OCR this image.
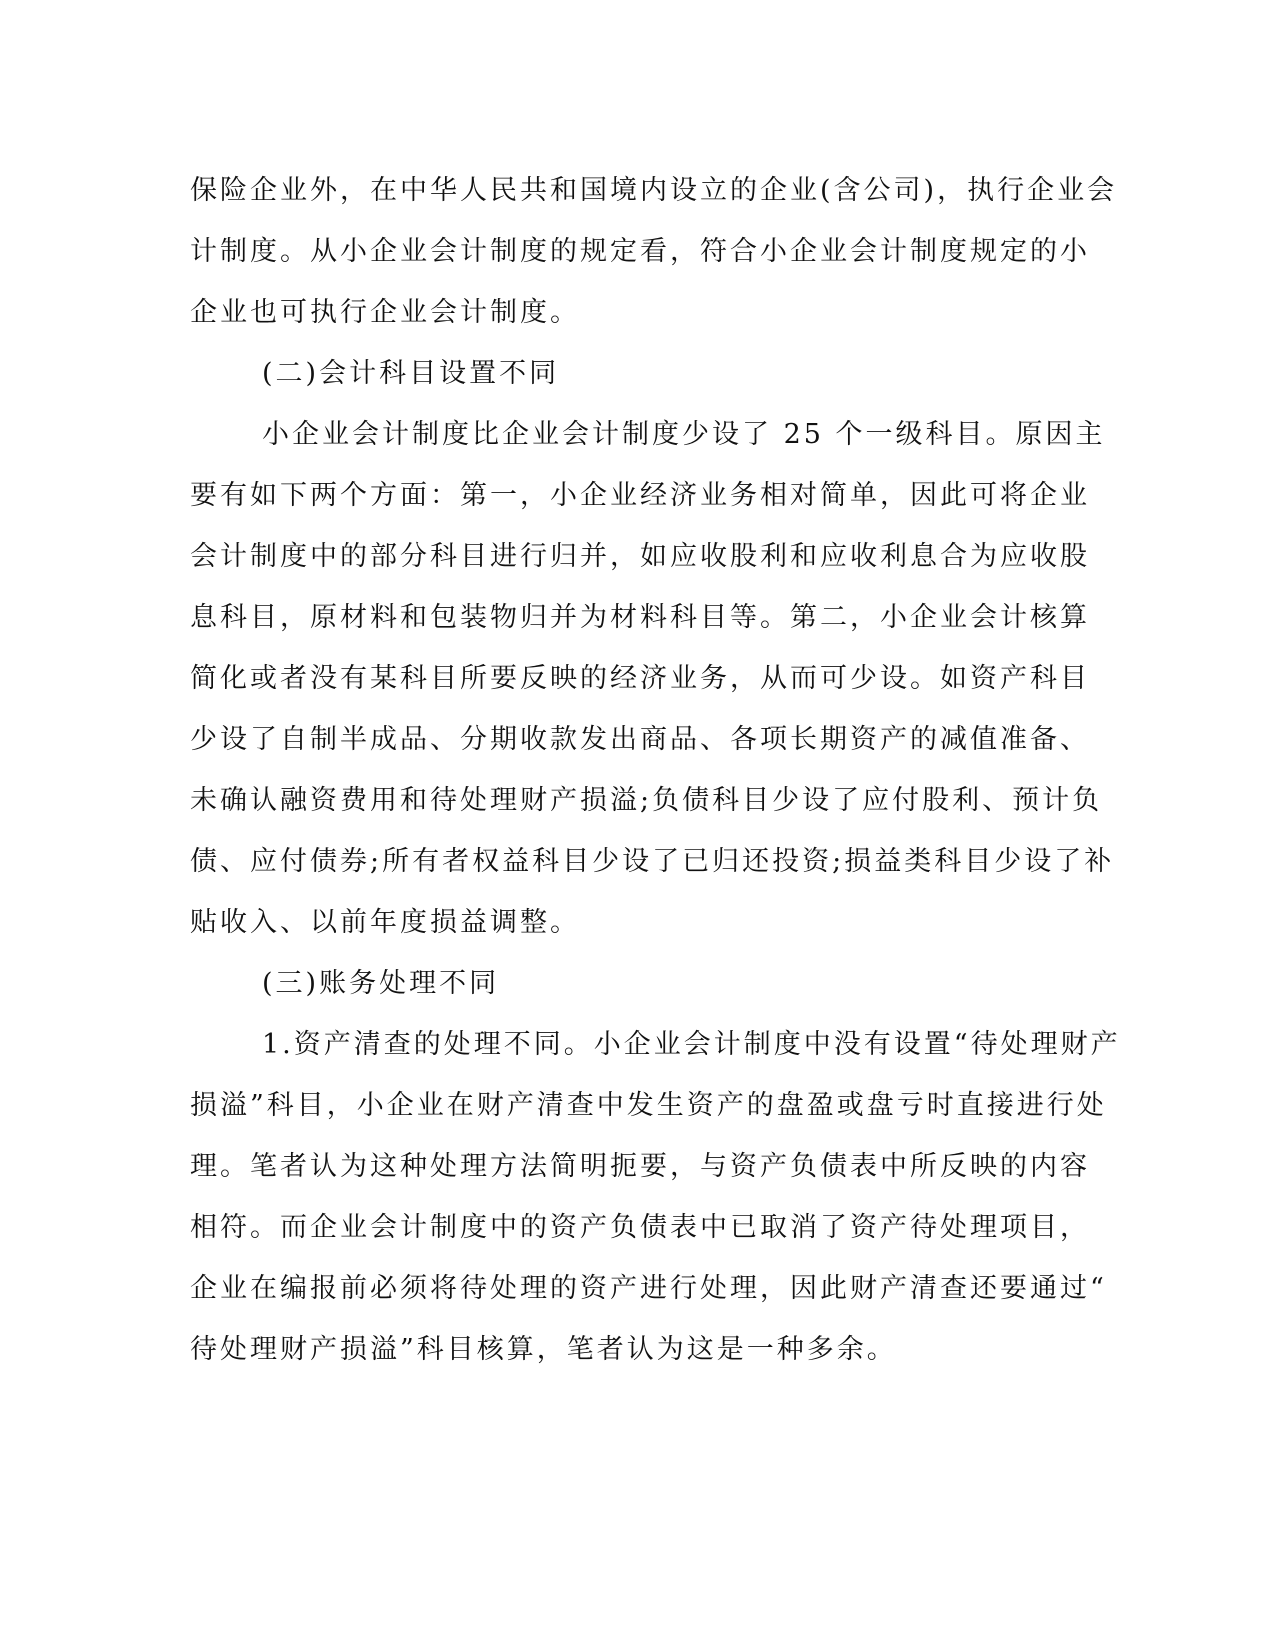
保险企业外，在中华人民共和国境内设立的企业(含公司)，执行企业会

计制度。从小企业会计制度的规定看，符合小企业会计制度规定的小

企业也可执行企业会计制度。

(二)会计科目设置不同

小企业会计制度比企业会计制度少设了 25 个一级科目。原因主

要有如下两个方面：第一，小企业经济业务相对简单，因此可将企业

会计制度中的部分科目进行归并，如应收股利和应收利息合为应收股

息科目，原材料和包装物归并为材料科目等。第二，小企业会计核算

简化或者没有某科目所要反映的经济业务，从而可少设。如资产科目

少设了自制半成品、分期收款发出商品、各项长期资产的减值准备、

未确认融资费用和待处理财产损溢;负债科目少设了应付股利、预计负

债、应付债券;所有者权益科目少设了已归还投资;损益类科目少设了补

贴收入、以前年度损益调整。

(三)账务处理不同

1.资产清查的处理不同。小企业会计制度中没有设置“待处理财产

损溢”科目，小企业在财产清查中发生资产的盘盈或盘亏时直接进行处

理。笔者认为这种处理方法简明扼要，与资产负债表中所反映的内容

相符。而企业会计制度中的资产负债表中已取消了资产待处理项目，

企业在编报前必须将待处理的资产进行处理，因此财产清查还要通过“

待处理财产损溢”科目核算，笔者认为这是一种多余。
